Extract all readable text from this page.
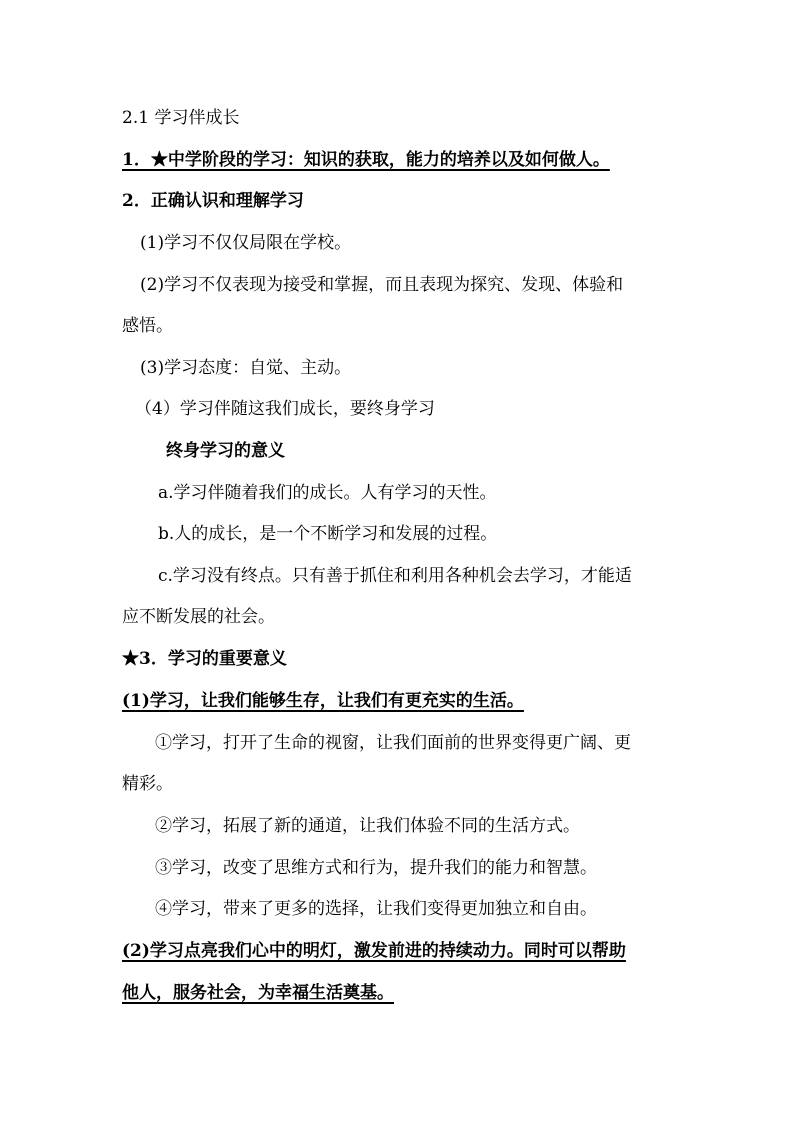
2.1 学习伴成长
1．★中学阶段的学习：知识的获取，能力的培养以及如何做人。
2．正确认识和理解学习
(1)学习不仅仅局限在学校。
(2)学习不仅表现为接受和掌握，而且表现为探究、发现、体验和
感悟。
(3)学习态度：自觉、主动。
（4）学习伴随这我们成长，要终身学习
终身学习的意义
a.学习伴随着我们的成长。人有学习的天性。
b.人的成长，是一个不断学习和发展的过程。
c.学习没有终点。只有善于抓住和利用各种机会去学习，才能适
应不断发展的社会。
★3．学习的重要意义
(1)学习，让我们能够生存，让我们有更充实的生活。
①学习，打开了生命的视窗，让我们面前的世界变得更广阔、更
精彩。
②学习，拓展了新的通道，让我们体验不同的生活方式。
③学习，改变了思维方式和行为，提升我们的能力和智慧。
④学习，带来了更多的选择，让我们变得更加独立和自由。
(2)学习点亮我们心中的明灯，激发前进的持续动力。同时可以帮助
他人，服务社会，为幸福生活奠基。
